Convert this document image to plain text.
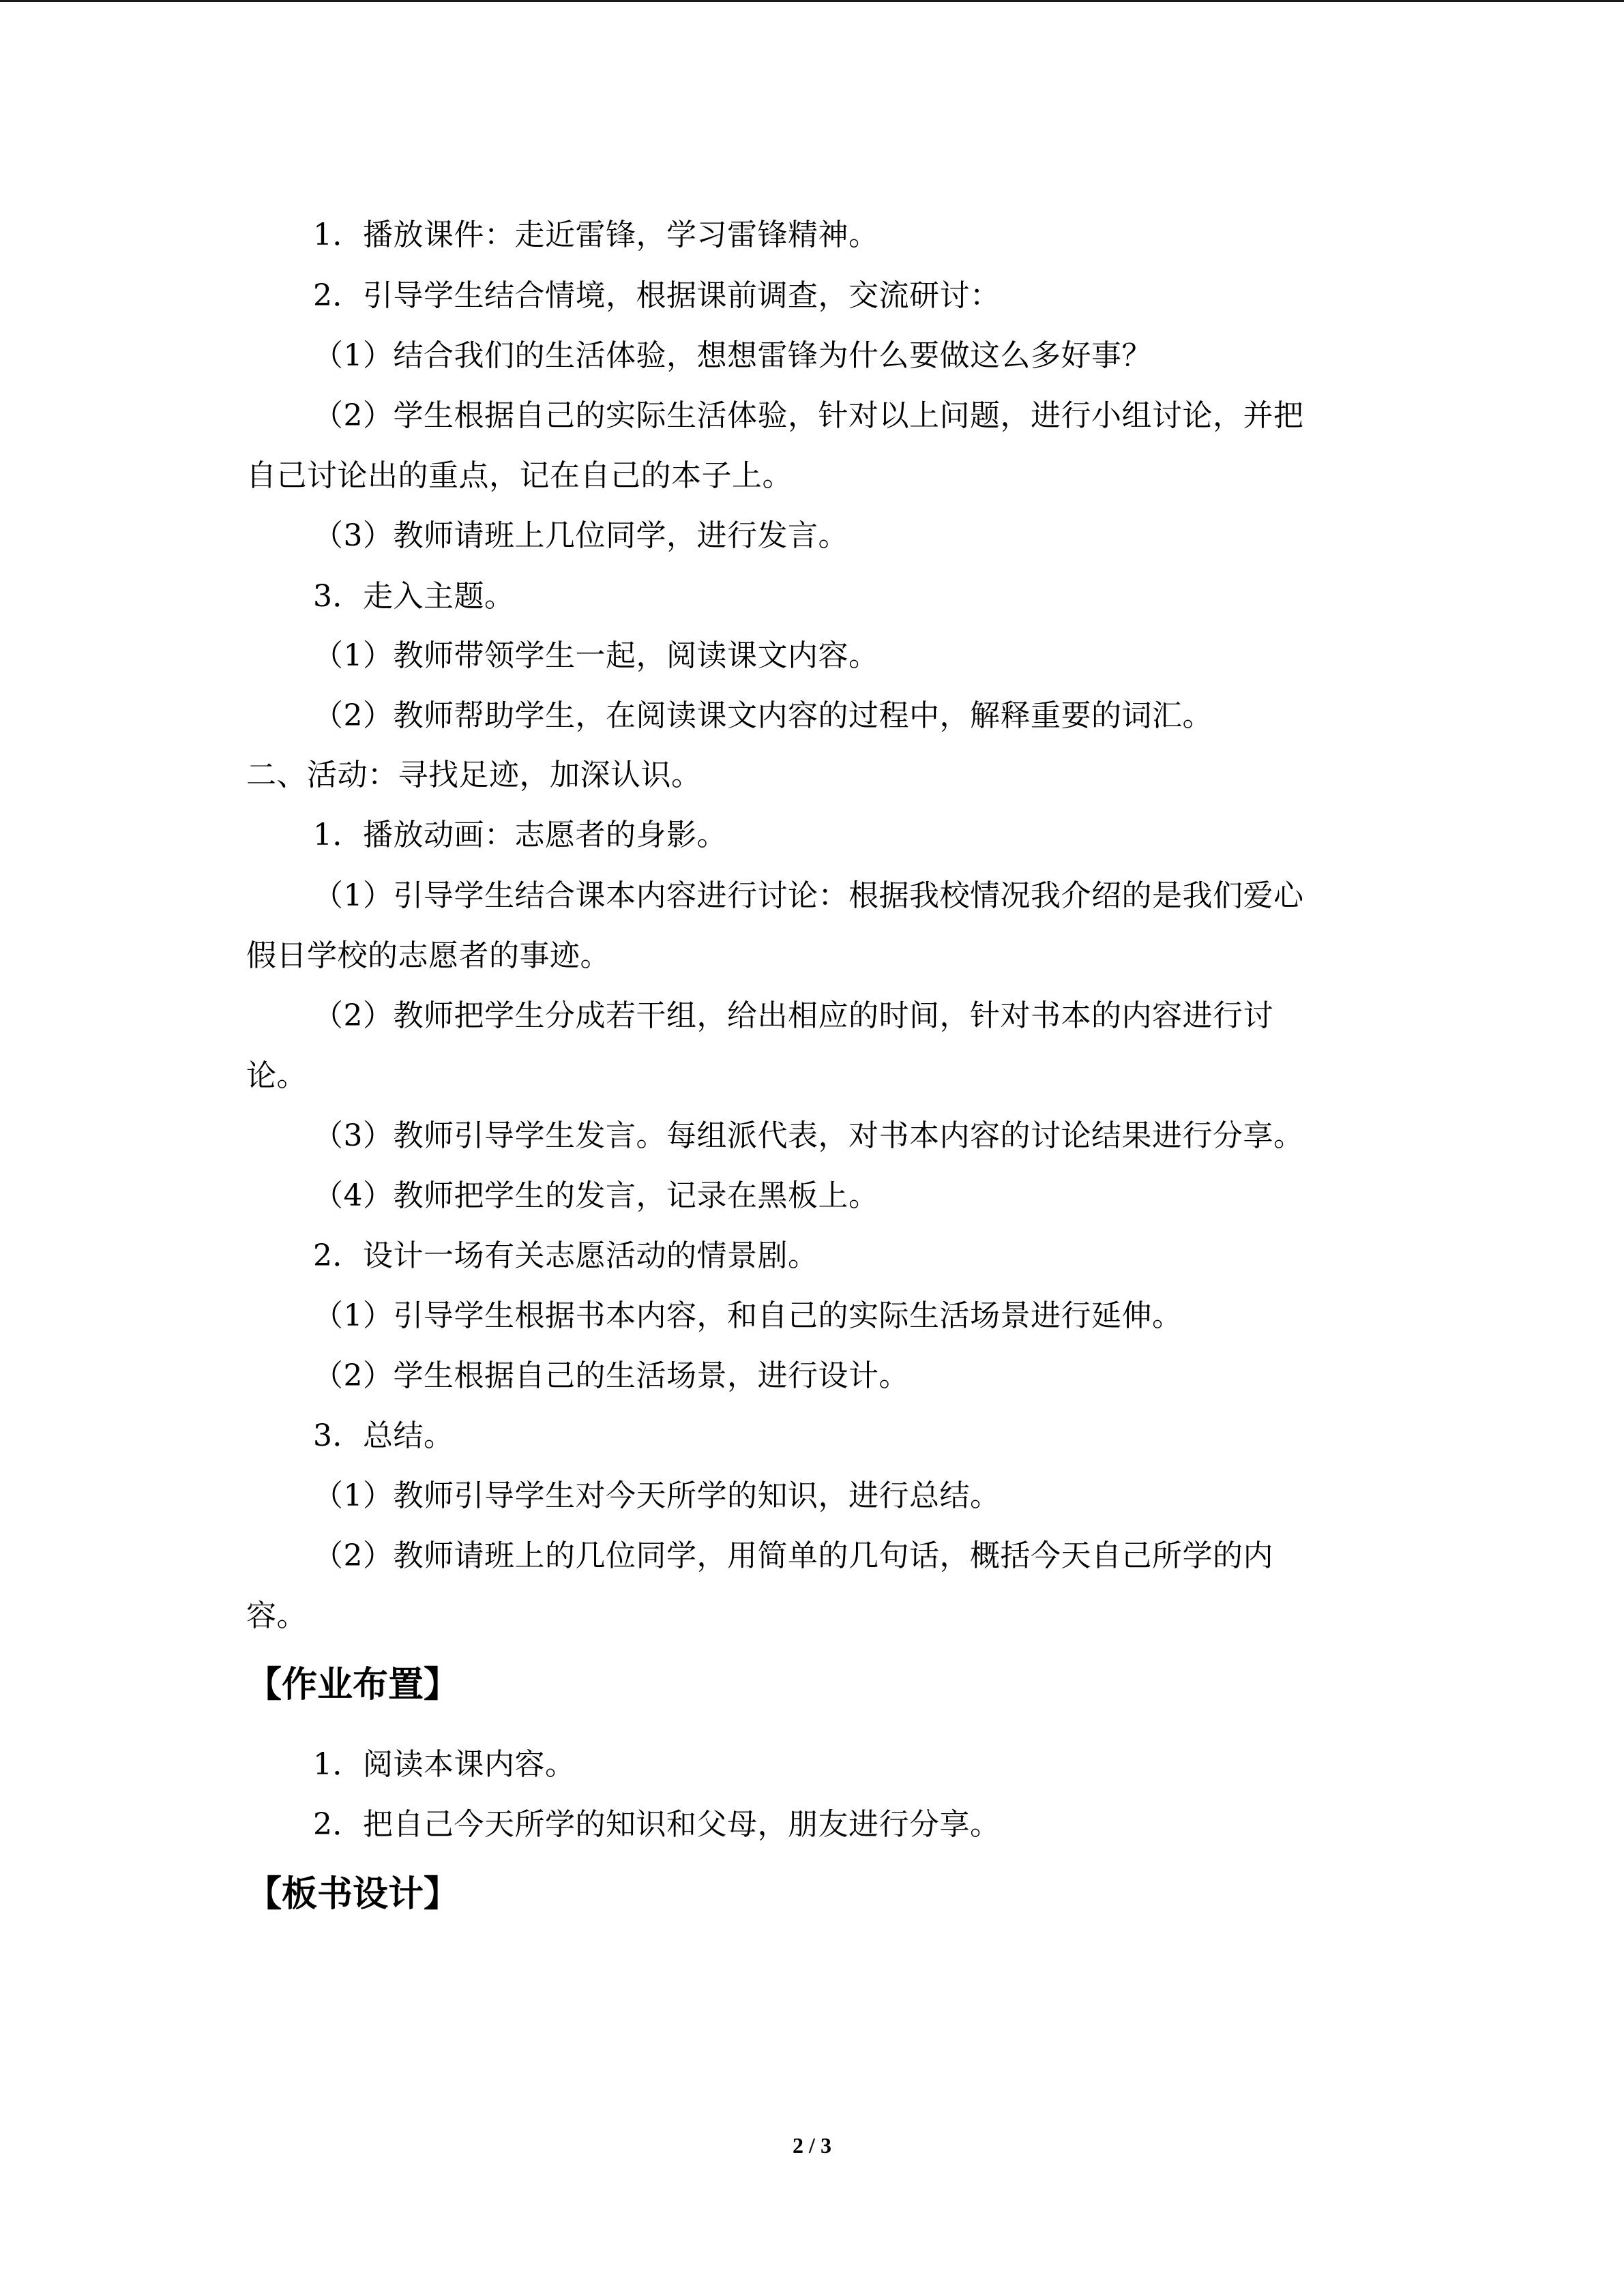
1．播放课件：走近雷锋，学习雷锋精神。
2．引导学生结合情境，根据课前调查，交流研讨：
（1）结合我们的生活体验，想想雷锋为什么要做这么多好事？
（2）学生根据自己的实际生活体验，针对以上问题，进行小组讨论，并把
自己讨论出的重点，记在自己的本子上。
（3）教师请班上几位同学，进行发言。
3．走入主题。
（1）教师带领学生一起，阅读课文内容。
（2）教师帮助学生，在阅读课文内容的过程中，解释重要的词汇。
二、活动：寻找足迹，加深认识。
1．播放动画：志愿者的身影。
（1）引导学生结合课本内容进行讨论：根据我校情况我介绍的是我们爱心
假日学校的志愿者的事迹。
（2）教师把学生分成若干组，给出相应的时间，针对书本的内容进行讨
论。
（3）教师引导学生发言。每组派代表，对书本内容的讨论结果进行分享。
（4）教师把学生的发言，记录在黑板上。
2．设计一场有关志愿活动的情景剧。
（1）引导学生根据书本内容，和自己的实际生活场景进行延伸。
（2）学生根据自己的生活场景，进行设计。
3．总结。
（1）教师引导学生对今天所学的知识，进行总结。
（2）教师请班上的几位同学，用简单的几句话，概括今天自己所学的内
容。
【作业布置】
1．阅读本课内容。
2．把自己今天所学的知识和父母，朋友进行分享。
【板书设计】
2 / 3
